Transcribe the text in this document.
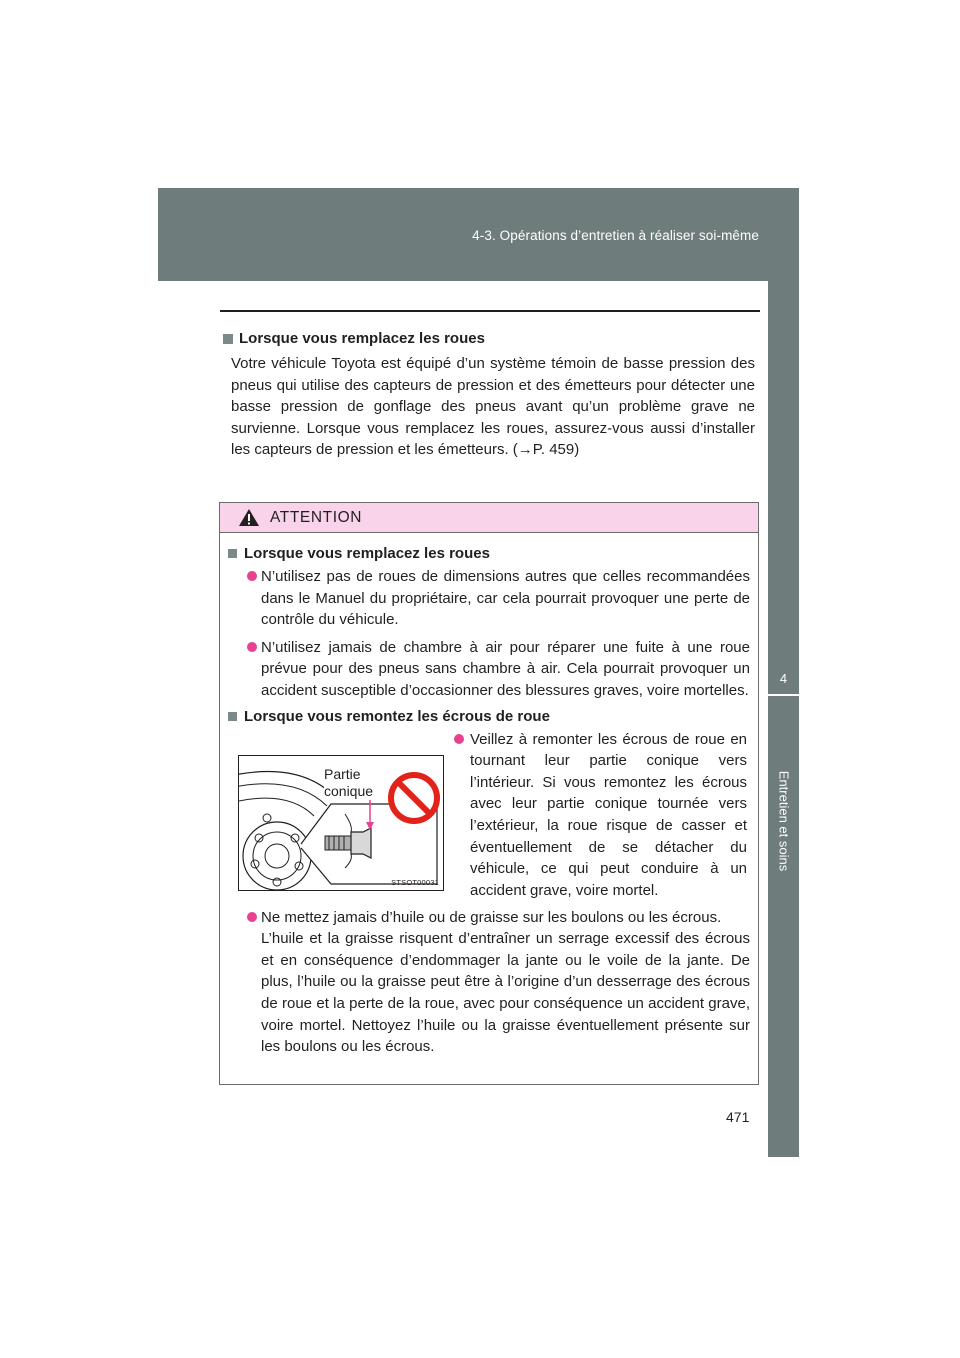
4-3. Opérations d’entretien à réaliser soi-même
4
Entretien et soins
Lorsque vous remplacez les roues

Votre véhicule Toyota est équipé d’un système témoin de basse pression des pneus qui utilise des capteurs de pression et des émetteurs pour détecter une basse pression de gonflage des pneus avant qu’un problème grave ne survienne. Lorsque vous remplacez les roues, assurez-vous aussi d’installer les capteurs de pression et les émetteurs. (→P. 459)

ATTENTION
Lorsque vous remplacez les roues
N’utilisez pas de roues de dimensions autres que celles recommandées dans le Manuel du propriétaire, car cela pourrait provoquer une perte de contrôle du véhicule.
N’utilisez jamais de chambre à air pour réparer une fuite à une roue prévue pour des pneus sans chambre à air. Cela pourrait provoquer un accident susceptible d’occasionner des blessures graves, voire mortelles.
Lorsque vous remontez les écrous de roue
Partie
conique
STSOT00031
Veillez à remonter les écrous de roue en tournant leur partie conique vers l’intérieur. Si vous remontez les écrous avec leur partie conique tournée vers l’extérieur, la roue risque de casser et éventuellement de se détacher du véhicule, ce qui peut conduire à un accident grave, voire mortel.
Ne mettez jamais d’huile ou de graisse sur les boulons ou les écrous.
L’huile et la graisse risquent d’entraîner un serrage excessif des écrous et en conséquence d’endommager la jante ou le voile de la jante. De plus, l’huile ou la graisse peut être à l’origine d’un desserrage des écrous de roue et la perte de la roue, avec pour conséquence un accident grave, voire mortel. Nettoyez l’huile ou la graisse éventuellement présente sur les boulons ou les écrous.
471
